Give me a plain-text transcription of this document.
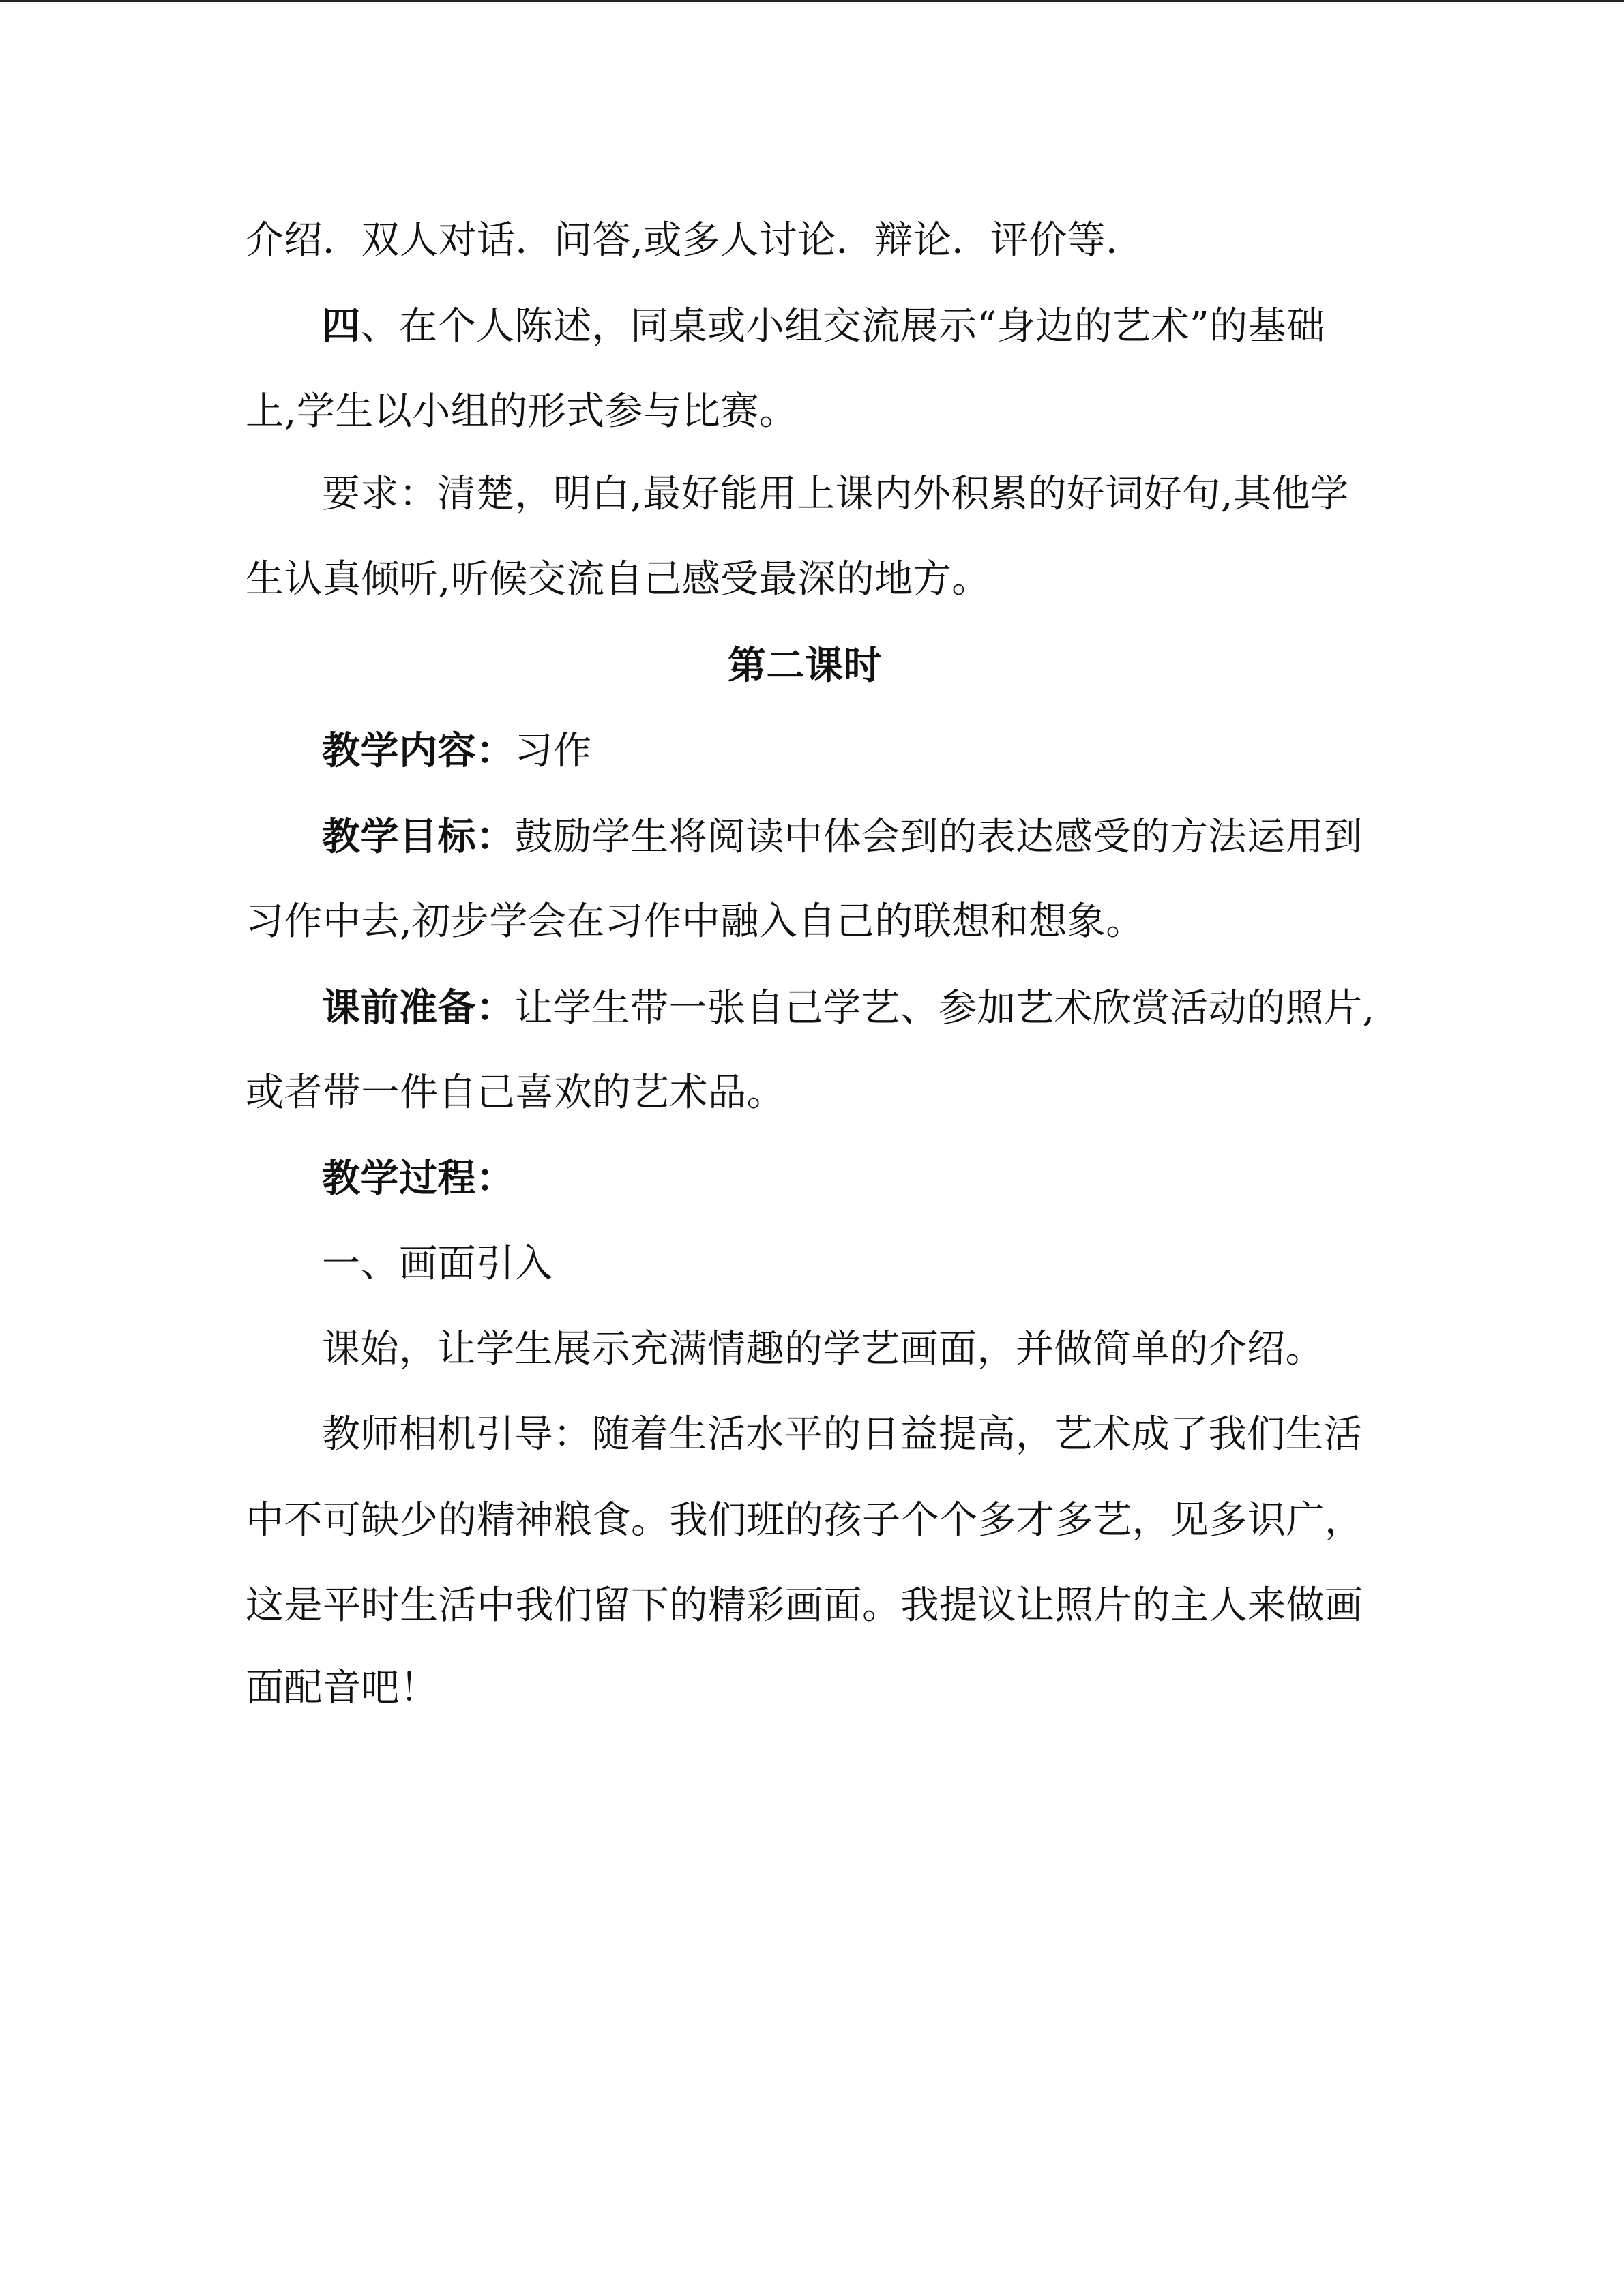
介绍．双人对话．问答,或多人讨论．辩论．评价等．
四、在个人陈述，同桌或小组交流展示“身边的艺术”的基础
上,学生以小组的形式参与比赛。
要求：清楚，明白,最好能用上课内外积累的好词好句,其他学
生认真倾听,听候交流自己感受最深的地方。
第二课时
教学内容：习作
教学目标：鼓励学生将阅读中体会到的表达感受的方法运用到
习作中去,初步学会在习作中融入自己的联想和想象。
课前准备：让学生带一张自己学艺、参加艺术欣赏活动的照片,
或者带一件自己喜欢的艺术品。
教学过程：
一、画面引入
课始，让学生展示充满情趣的学艺画面，并做简单的介绍。
教师相机引导：随着生活水平的日益提高，艺术成了我们生活
中不可缺少的精神粮食。我们班的孩子个个多才多艺，见多识广，
这是平时生活中我们留下的精彩画面。我提议让照片的主人来做画
面配音吧！
